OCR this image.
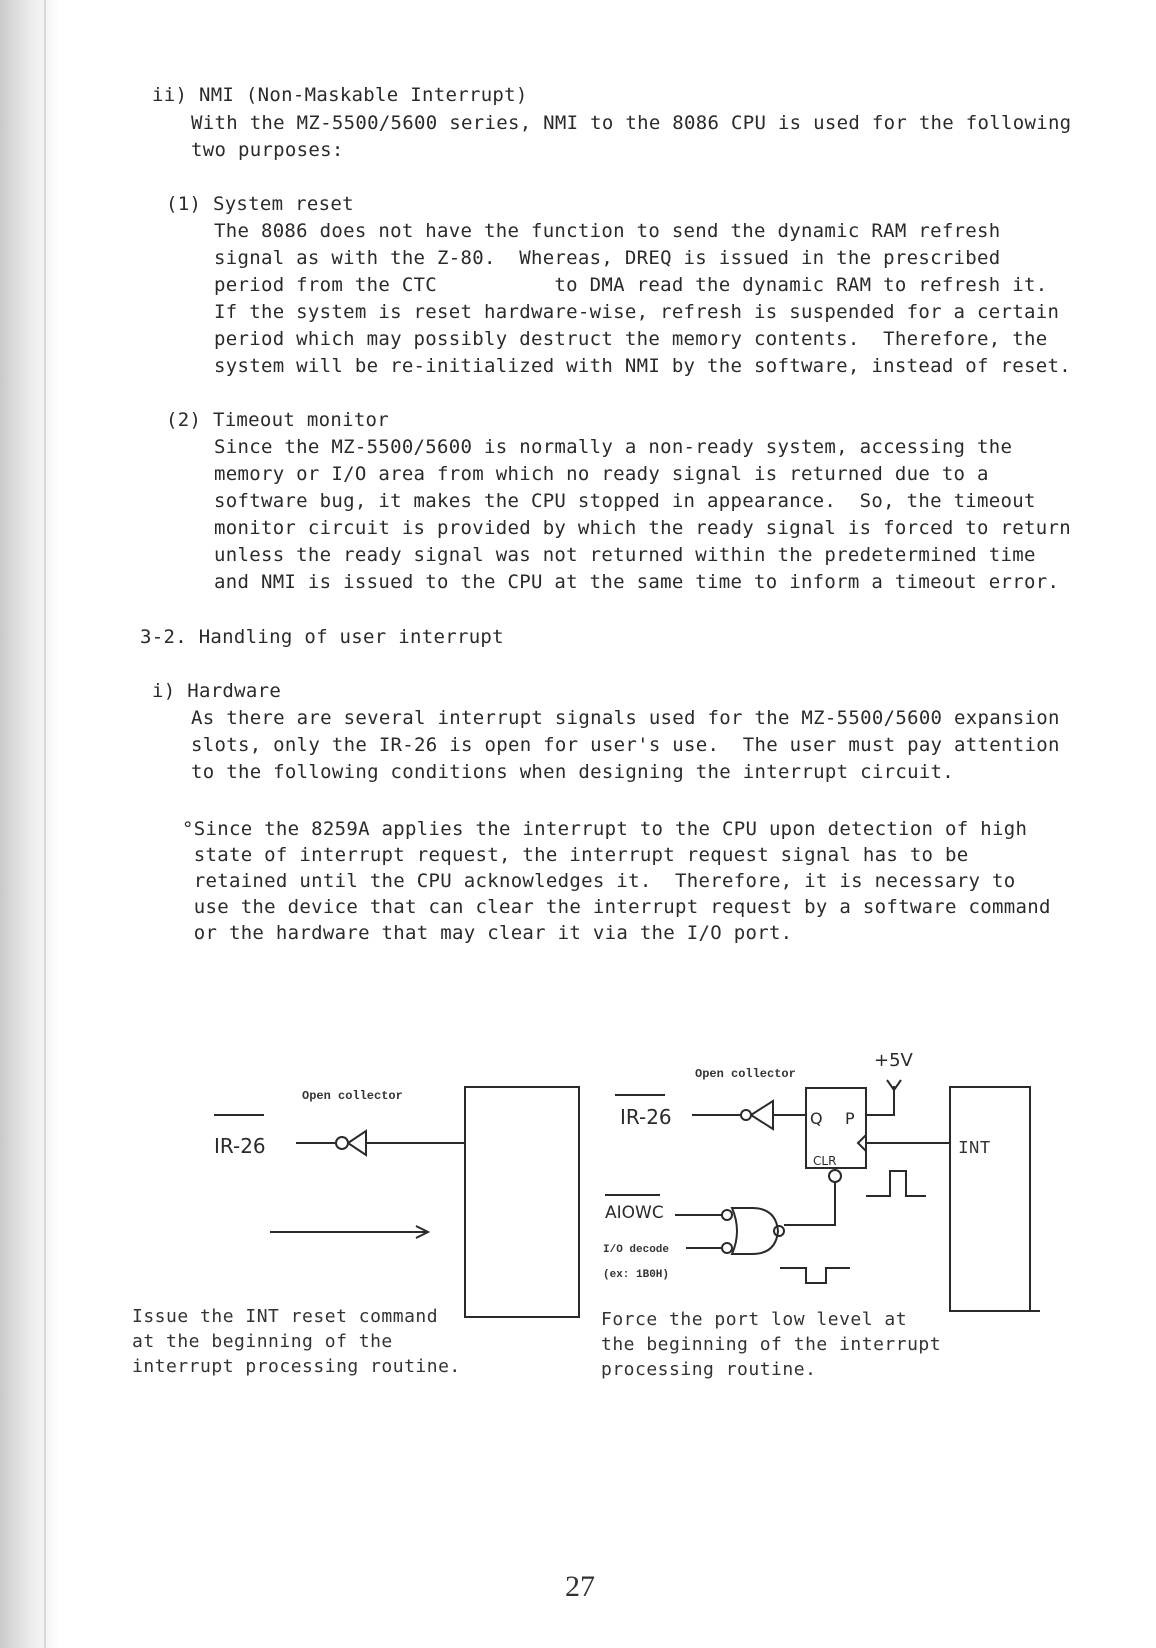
ii) NMI (Non-Maskable Interrupt)

With the MZ-5500/5600 series, NMI to the 8086 CPU is used for the following

two purposes:

(1) System reset

The 8086 does not have the function to send the dynamic RAM refresh

signal as with the Z-80.  Whereas, DREQ is issued in the prescribed

period from the CTC          to DMA read the dynamic RAM to refresh it.

If the system is reset hardware-wise, refresh is suspended for a certain

period which may possibly destruct the memory contents.  Therefore, the

system will be re-initialized with NMI by the software, instead of reset.

(2) Timeout monitor

Since the MZ-5500/5600 is normally a non-ready system, accessing the

memory or I/O area from which no ready signal is returned due to a

software bug, it makes the CPU stopped in appearance.  So, the timeout

monitor circuit is provided by which the ready signal is forced to return

unless the ready signal was not returned within the predetermined time

and NMI is issued to the CPU at the same time to inform a timeout error.

3-2. Handling of user interrupt

i) Hardware

As there are several interrupt signals used for the MZ-5500/5600 expansion

slots, only the IR-26 is open for user's use.  The user must pay attention

to the following conditions when designing the interrupt circuit.

°Since the 8259A applies the interrupt to the CPU upon detection of high

state of interrupt request, the interrupt request signal has to be

retained until the CPU acknowledges it.  Therefore, it is necessary to

use the device that can clear the interrupt request by a software command

or the hardware that may clear it via the I/O port.

Open collector
IR-26
Open collector
+5V
IR-26	Q P
CLR
INT
AIOWC
I/O decode
(ex: 1B0H)

Issue the INT reset command

at the beginning of the

interrupt processing routine.

Force the port low level at

the beginning of the interrupt

processing routine.

27
